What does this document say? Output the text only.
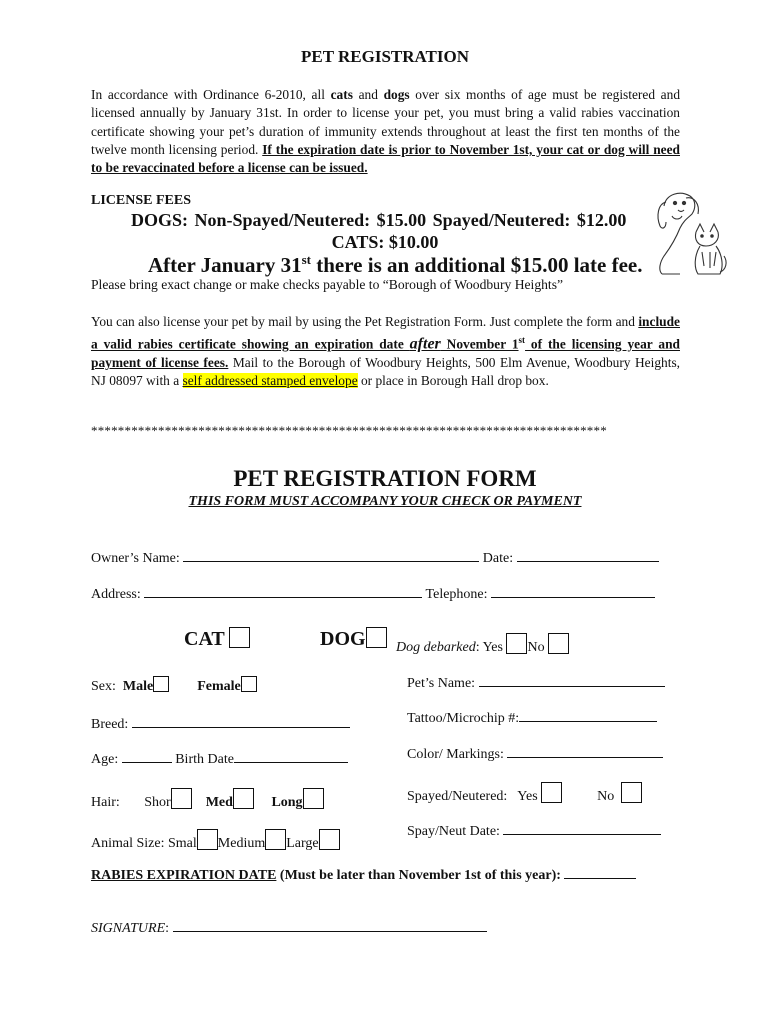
PET REGISTRATION
In accordance with Ordinance 6-2010, all cats and dogs over six months of age must be registered and licensed annually by January 31st. In order to license your pet, you must bring a valid rabies vaccination certificate showing your pet’s duration of immunity extends throughout at least the first ten months of the twelve month licensing period. If the expiration date is prior to November 1st, your cat or dog will need to be revaccinated before a license can be issued.
LICENSE FEES
DOGS: Non-Spayed/Neutered: $15.00 Spayed/Neutered: $12.00
CATS: $10.00
After January 31st there is an additional $15.00 late fee.
Please bring exact change or make checks payable to “Borough of Woodbury Heights”
You can also license your pet by mail by using the Pet Registration Form. Just complete the form and include a valid rabies certificate showing an expiration date after November 1st of the licensing year and payment of license fees. Mail to the Borough of Woodbury Heights, 500 Elm Avenue, Woodbury Heights, NJ 08097 with a self addressed stamped envelope or place in Borough Hall drop box.
*****************************************************************************
PET REGISTRATION FORM
THIS FORM MUST ACCOMPANY YOUR CHECK OR PAYMENT
Owner’s Name:	Date:
Address:	Telephone:
CAT	DOG	Dog debarked: Yes No
Sex: Male	Female
Breed:
Age:	Birth Date
Hair: Shor	Med	Long
Animal Size: Smal Medium Large
Pet’s Name:
Tattoo/Microchip #:
Color/ Markings:
Spayed/Neutered: Yes	No
Spay/Neut Date:
RABIES EXPIRATION DATE (Must be later than November 1st of this year):
SIGNATURE:
